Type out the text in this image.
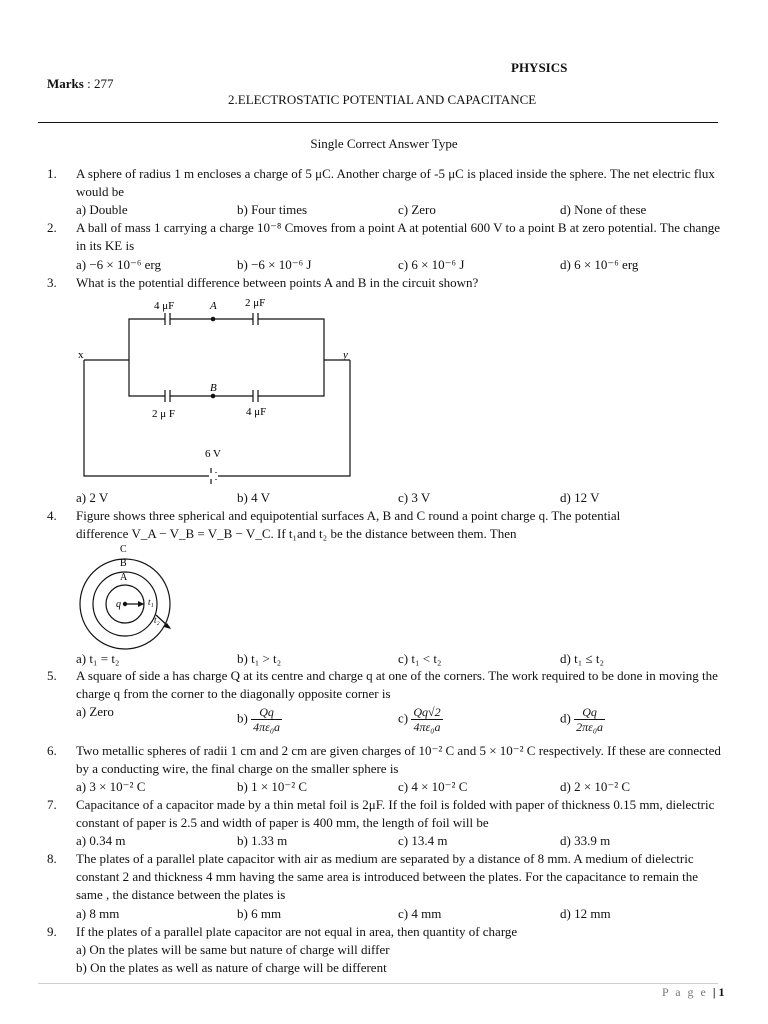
PHYSICS
Marks : 277
2.ELECTROSTATIC POTENTIAL AND CAPACITANCE
Single Correct Answer Type
1. A sphere of radius 1 m encloses a charge of 5 μC. Another charge of -5 μC is placed inside the sphere. The net electric flux would be
a) Double	b) Four times	c) Zero	d) None of these
2. A ball of mass 1 carrying a charge 10⁻⁸ Cmoves from a point A at potential 600 V to a point B at zero potential. The change in its KE is
a) −6 × 10⁻⁶ erg	b) −6 × 10⁻⁶ J	c) 6 × 10⁻⁶ J	d) 6 × 10⁻⁶ erg
3. What is the potential difference between points A and B in the circuit shown?
4 μF	A	2 μF
x	y
B
2 μ F	4 μF
6 V
a) 2 V	b) 4 V	c) 3 V	d) 12 V
4. Figure shows three spherical and equipotential surfaces A, B and C round a point charge q. The potential
difference V_A − V_B = V_B − V_C. If t₁and t₂ be the distance between them. Then
C
B
A
q	t₁
t₂
a) t₁ = t₂	b) t₁ > t₂	c) t₁ < t₂	d) t₁ ≤ t₂
5. A square of side a has charge Q at its centre and charge q at one of the corners. The work required to be done in moving the charge q from the corner to the diagonally opposite corner is
a) Zero	$b) \frac{Qq}{\text{4πε₀a}}$	$c) \frac{Qq√2}{\text{4πε₀a}}$	$d) \frac{Qq}{\text{2πε₀a}}$
6. Two metallic spheres of radii 1 cm and 2 cm are given charges of 10⁻² C and 5 × 10⁻² C respectively. If these are connected by a conducting wire, the final charge on the smaller sphere is
a) 3 × 10⁻² C	b) 1 × 10⁻² C	c) 4 × 10⁻² C	d) 2 × 10⁻² C
7. Capacitance of a capacitor made by a thin metal foil is 2μF. If the foil is folded with paper of thickness 0.15 mm, dielectric constant of paper is 2.5 and width of paper is 400 mm, the length of foil will be
a) 0.34 m	b) 1.33 m	c) 13.4 m	d) 33.9 m
8. The plates of a parallel plate capacitor with air as medium are separated by a distance of 8 mm. A medium of dielectric constant 2 and thickness 4 mm having the same area is introduced between the plates. For the capacitance to remain the same , the distance between the plates is
a) 8 mm	b) 6 mm	c) 4 mm	d) 12 mm
9. If the plates of a parallel plate capacitor are not equal in area, then quantity of charge
a) On the plates will be same but nature of charge will differ
b) On the plates as well as nature of charge will be different
P a g e | 1
